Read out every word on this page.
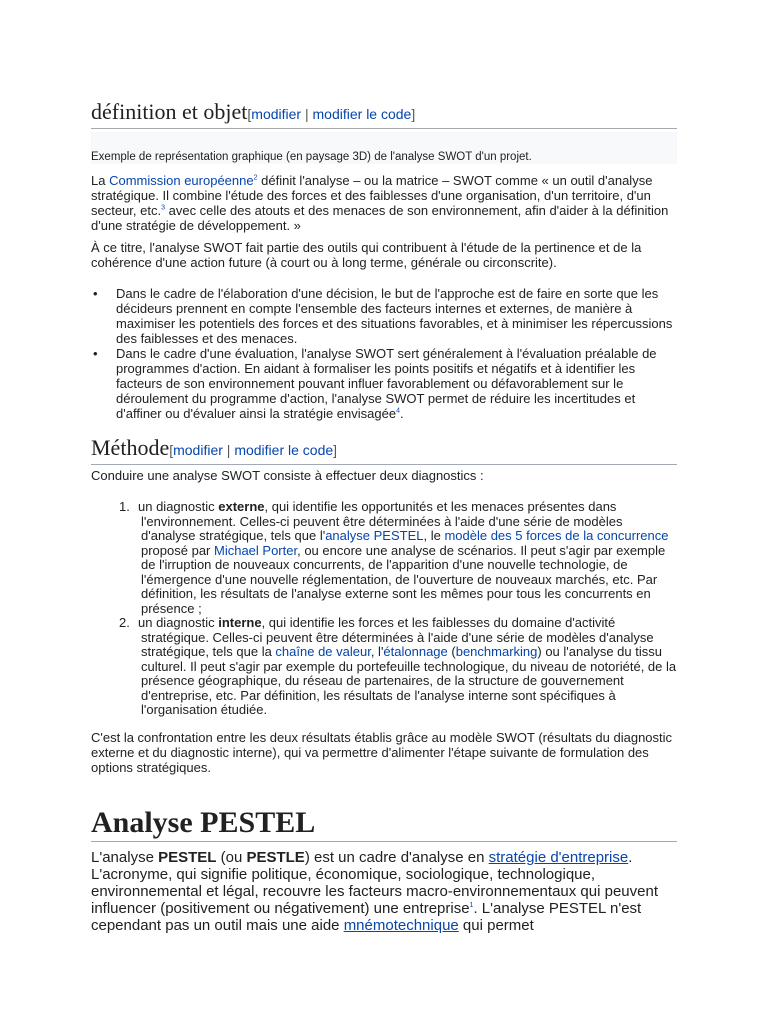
définition et objet[modifier | modifier le code]
Exemple de représentation graphique (en paysage 3D) de l'analyse SWOT d'un projet.

La Commission européenne$^2$ définit l'analyse – ou la matrice – SWOT comme « un outil d'analyse stratégique. Il combine l'étude des forces et des faiblesses d'une organisation, d'un territoire, d'un secteur, etc.$^3$ avec celle des atouts et des menaces de son environnement, afin d'aider à la définition d'une stratégie de développement. »

À ce titre, l'analyse SWOT fait partie des outils qui contribuent à l'étude de la pertinence et de la cohérence d'une action future (à court ou à long terme, générale ou circonscrite).

• Dans le cadre de l'élaboration d'une décision, le but de l'approche est de faire en sorte que les décideurs prennent en compte l'ensemble des facteurs internes et externes, de manière à maximiser les potentiels des forces et des situations favorables, et à minimiser les répercussions des faiblesses et des menaces.
• Dans le cadre d'une évaluation, l'analyse SWOT sert généralement à l'évaluation préalable de programmes d'action. En aidant à formaliser les points positifs et négatifs et à identifier les facteurs de son environnement pouvant influer favorablement ou défavorablement sur le déroulement du programme d'action, l'analyse SWOT permet de réduire les incertitudes et d'affiner ou d'évaluer ainsi la stratégie envisagée$^4$.
Méthode[modifier | modifier le code]

Conduire une analyse SWOT consiste à effectuer deux diagnostics :

1. un diagnostic externe, qui identifie les opportunités et les menaces présentes dans l'environnement. Celles-ci peuvent être déterminées à l'aide d'une série de modèles d'analyse stratégique, tels que l'analyse PESTEL, le modèle des 5 forces de la concurrence proposé par Michael Porter, ou encore une analyse de scénarios. Il peut s'agir par exemple de l'irruption de nouveaux concurrents, de l'apparition d'une nouvelle technologie, de l'émergence d'une nouvelle réglementation, de l'ouverture de nouveaux marchés, etc. Par définition, les résultats de l'analyse externe sont les mêmes pour tous les concurrents en présence ;
2. un diagnostic interne, qui identifie les forces et les faiblesses du domaine d'activité stratégique. Celles-ci peuvent être déterminées à l'aide d'une série de modèles d'analyse stratégique, tels que la chaîne de valeur, l'étalonnage (benchmarking) ou l'analyse du tissu culturel. Il peut s'agir par exemple du portefeuille technologique, du niveau de notoriété, de la présence géographique, du réseau de partenaires, de la structure de gouvernement d'entreprise, etc. Par définition, les résultats de l'analyse interne sont spécifiques à l'organisation étudiée.

C'est la confrontation entre les deux résultats établis grâce au modèle SWOT (résultats du diagnostic externe et du diagnostic interne), qui va permettre d'alimenter l'étape suivante de formulation des options stratégiques.

Analyse PESTEL

L'analyse PESTEL (ou PESTLE) est un cadre d'analyse en stratégie d'entreprise. L'acronyme, qui signifie politique, économique, sociologique, technologique, environnemental et légal, recouvre les facteurs macro-environnementaux qui peuvent influencer (positivement ou négativement) une entreprise$^1$. L'analyse PESTEL n'est cependant pas un outil mais une aide mnémotechnique qui permet
